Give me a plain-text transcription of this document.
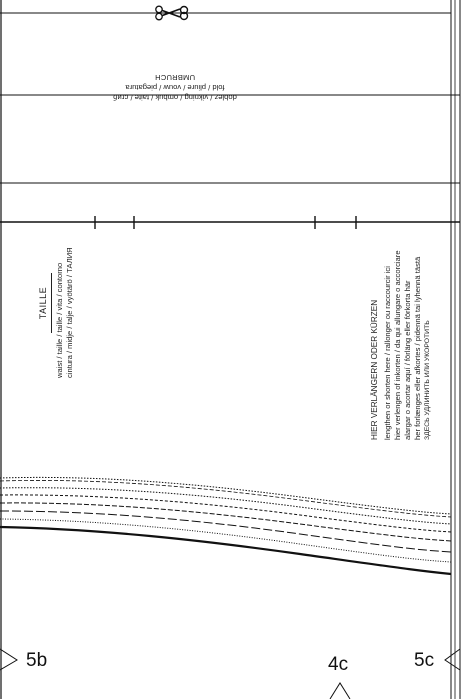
doblez / vikning / ombuk / taite / сгиб
fold / pliure / vouw / piegatura
UMBRUCH
TAILLE waist / taille / taille / vita / contorno cintura / midje / talje / vyötärö / ТАЛИЯ	HIER VERLÄNGERN ODER KÜRZEN lengthen or shorten here / rallonger ou raccourcir ici hier verlengen of inkorten / da qui allungare o accorciare alargar o acortar aquí / förläng eller förkorta här her forlænges eller afkortes / pidennä tai lyhennä tästä ЗДЕСЬ УДЛИНИТЬ ИЛИ УКОРОТИТЬ
5b	4c	5c
